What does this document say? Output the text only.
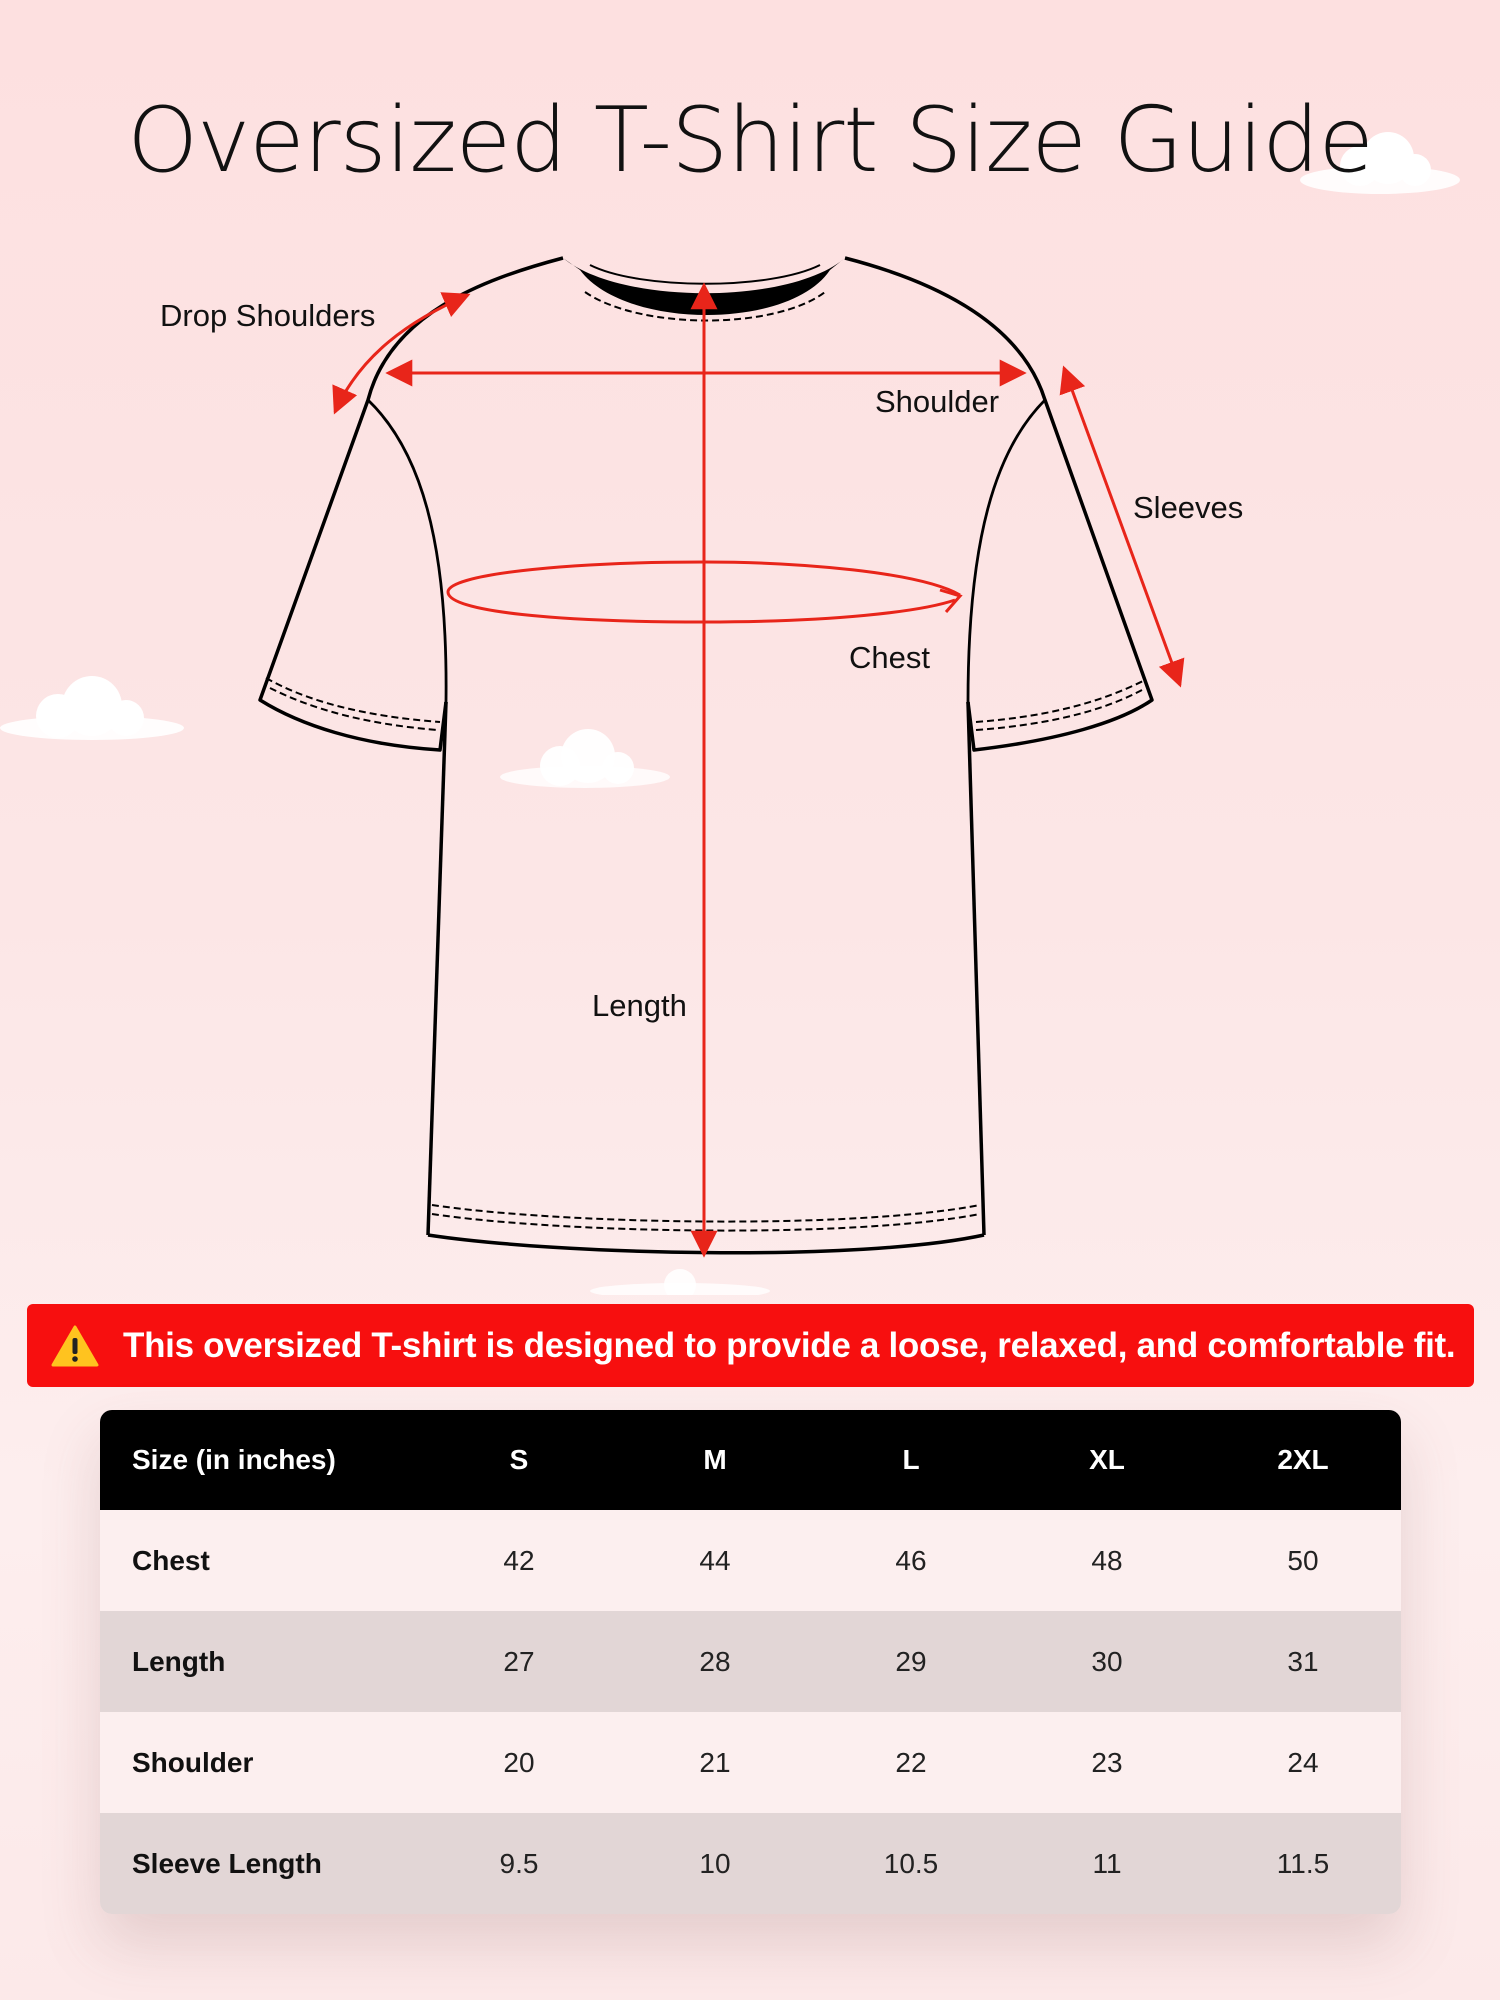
Oversized T-Shirt Size Guide
Drop Shoulders
Shoulder
Sleeves
Chest
Length
This oversized T-shirt is designed to provide a loose, relaxed, and comfortable fit.
Size (in inches)	S	M	L	XL	2XL
Chest	42	44	46	48	50
Length	27	28	29	30	31
Shoulder	20	21	22	23	24
Sleeve Length	9.5	10	10.5	11	11.5
